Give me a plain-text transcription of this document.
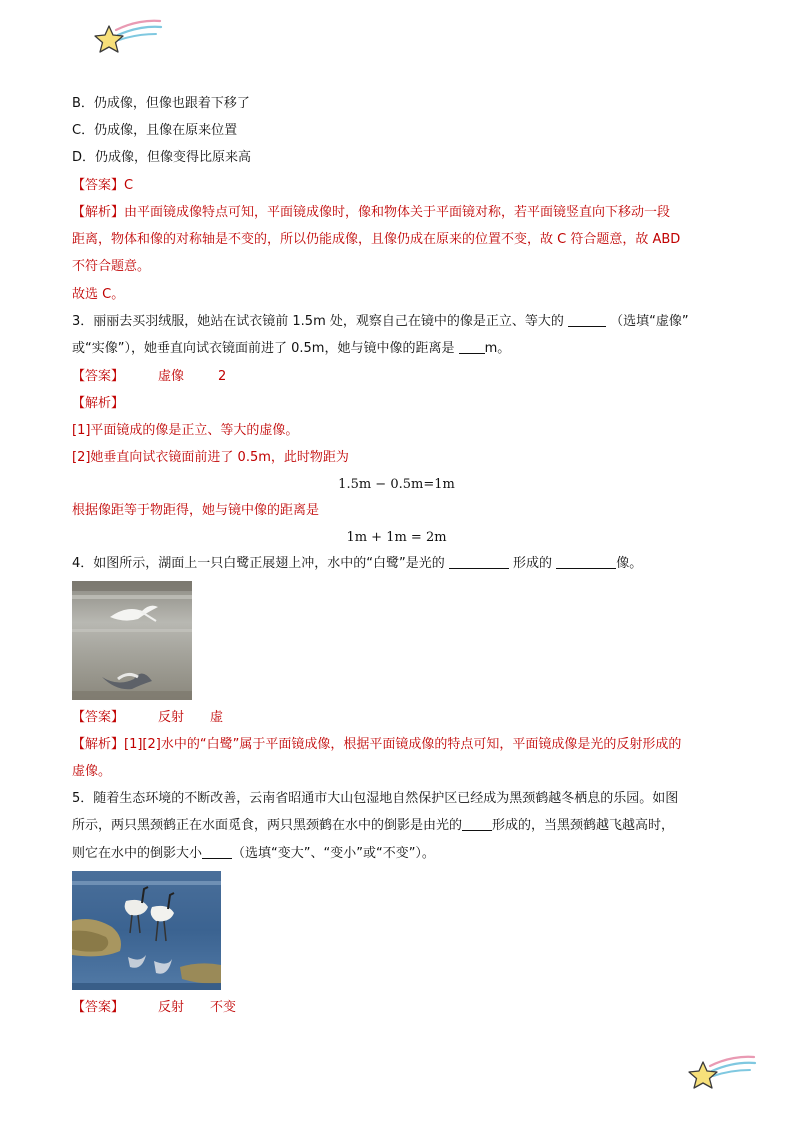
B．仍成像，但像也跟着下移了
C．仍成像，且像在原来位置
D．仍成像，但像变得比原来高
【答案】C
【解析】由平面镜成像特点可知，平面镜成像时，像和物体关于平面镜对称，若平面镜竖直向下移动一段
距离，物体和像的对称轴是不变的，所以仍能成像，且像仍成在原来的位置不变，故 C 符合题意，故 ABD
不符合题意。
故选 C。
3．丽丽去买羽绒服，她站在试衣镜前 1.5m 处，观察自己在镜中的像是正立、等大的	（选填“虚像”
或“实像”），她垂直向试衣镜面前进了 0.5m，她与镜中像的距离是 m。
【答案】	虚像	2
【解析】
[1]平面镜成的像是正立、等大的虚像。
[2]她垂直向试衣镜面前进了 0.5m，此时物距为
1.5m − 0.5m=1m
根据像距等于物距得，她与镜中像的距离是
1m + 1m = 2m
4．如图所示，湖面上一只白鹭正展翅上冲，水中的“白鹭”是光的	形成的	像。
【答案】	反射 虚
【解析】[1][2]水中的“白鹭”属于平面镜成像，根据平面镜成像的特点可知，平面镜成像是光的反射形成的
虚像。
5．随着生态环境的不断改善，云南省昭通市大山包湿地自然保护区已经成为黑颈鹤越冬栖息的乐园。如图
所示，两只黑颈鹤正在水面觅食，两只黑颈鹤在水中的倒影是由光的 形成的，当黑颈鹤越飞越高时，
则它在水中的倒影大小 （选填“变大”、“变小”或“不变”）。
【答案】	反射 不变
